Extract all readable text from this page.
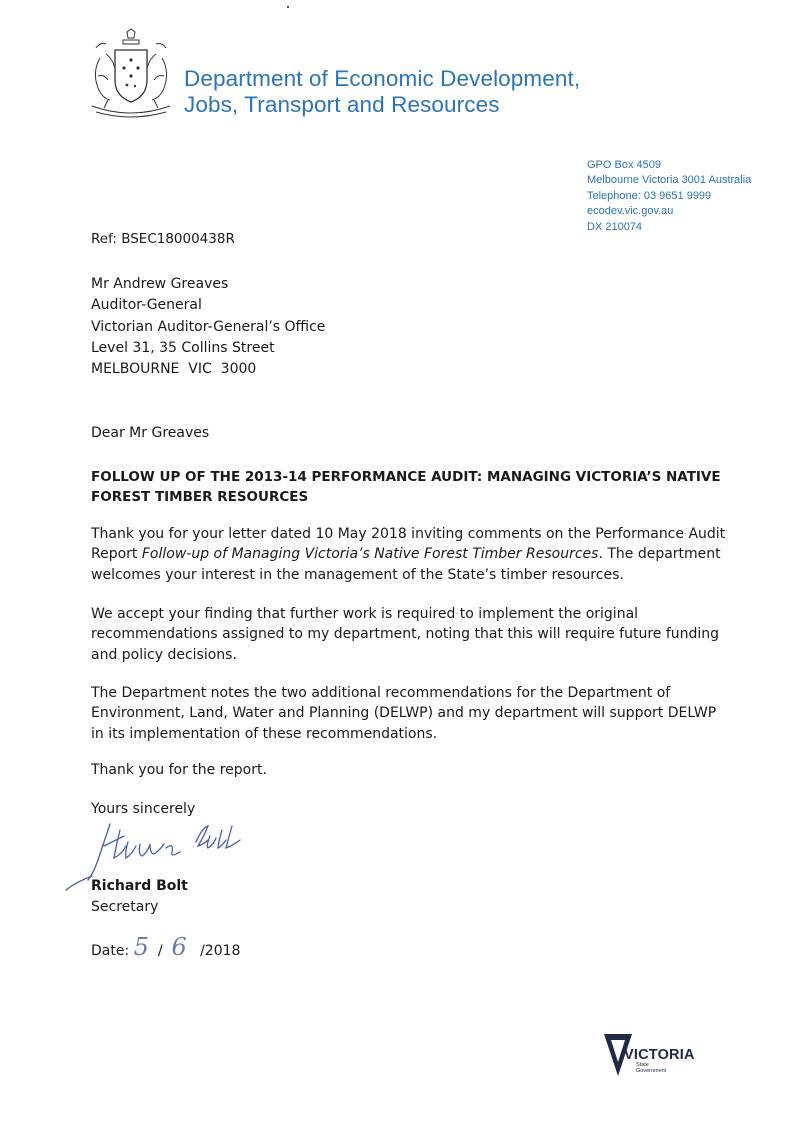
Department of Economic Development,
Jobs, Transport and Resources
GPO Box 4509
Melbourne Victoria 3001 Australia
Telephone: 03 9651 9999
ecodev.vic.gov.au
DX 210074
Ref: BSEC18000438R
Mr Andrew Greaves
Auditor-General
Victorian Auditor-General’s Office
Level 31, 35 Collins Street
MELBOURNE  VIC  3000
Dear Mr Greaves
FOLLOW UP OF THE 2013-14 PERFORMANCE AUDIT: MANAGING VICTORIA’S NATIVE
FOREST TIMBER RESOURCES
Thank you for your letter dated 10 May 2018 inviting comments on the Performance Audit Report Follow-up of Managing Victoria’s Native Forest Timber Resources. The department welcomes your interest in the management of the State’s timber resources.
We accept your finding that further work is required to implement the original recommendations assigned to my department, noting that this will require future funding and policy decisions.
The Department notes the two additional recommendations for the Department of Environment, Land, Water and Planning (DELWP) and my department will support DELWP in its implementation of these recommendations.
Thank you for the report.
Yours sincerely
Richard Bolt
Secretary
Date:
5
/
6
/2018
VICTORIA
State
Government
